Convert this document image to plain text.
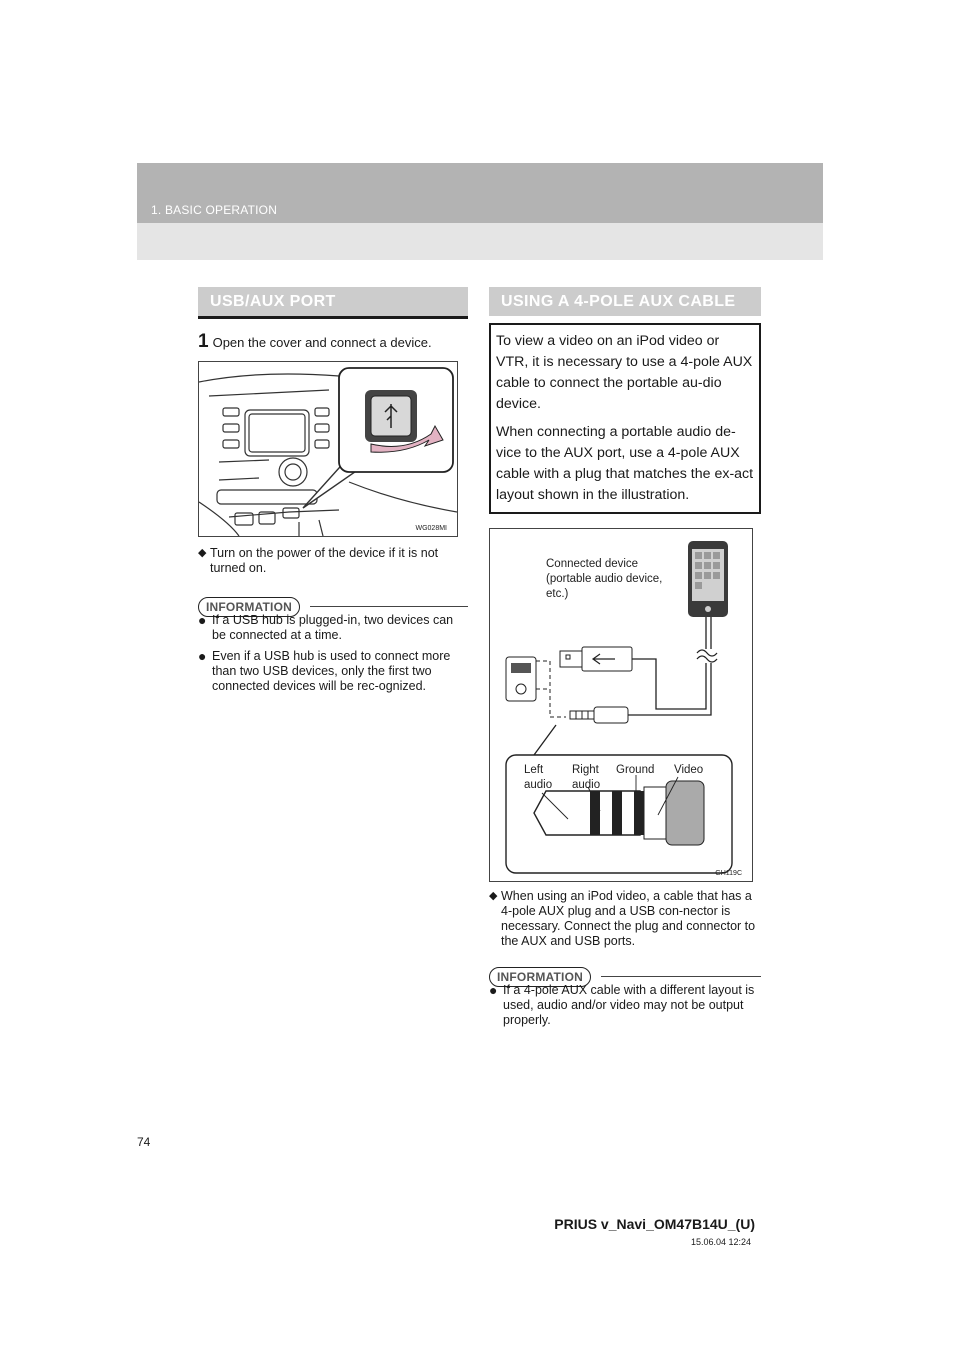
1. BASIC OPERATION
USB/AUX PORT
1 Open the cover and connect a device.
WG028MI
◆ Turn on the power of the device if it is not turned on.
INFORMATION
● If a USB hub is plugged-in, two devices can be connected at a time.
● Even if a USB hub is used to connect more than two USB devices, only the first two connected devices will be rec-ognized.
USING A 4-POLE AUX CABLE

To view a video on an iPod video or VTR, it is necessary to use a 4-pole AUX cable to connect the portable au-dio device.

When connecting a portable audio de-vice to the AUX port, use a 4-pole AUX cable with a plug that matches the ex-act layout shown in the illustration.

Connected device
(portable audio device,
etc.)
Left
audio
Right
audio
Ground Video
GH119C
◆ When using an iPod video, a cable that has a 4-pole AUX plug and a USB con-nector is necessary. Connect the plug and connector to the AUX and USB ports.
INFORMATION
● If a 4-pole AUX cable with a different layout is used, audio and/or video may not be output properly.
74
PRIUS v_Navi_OM47B14U_(U)
15.06.04 12:24
